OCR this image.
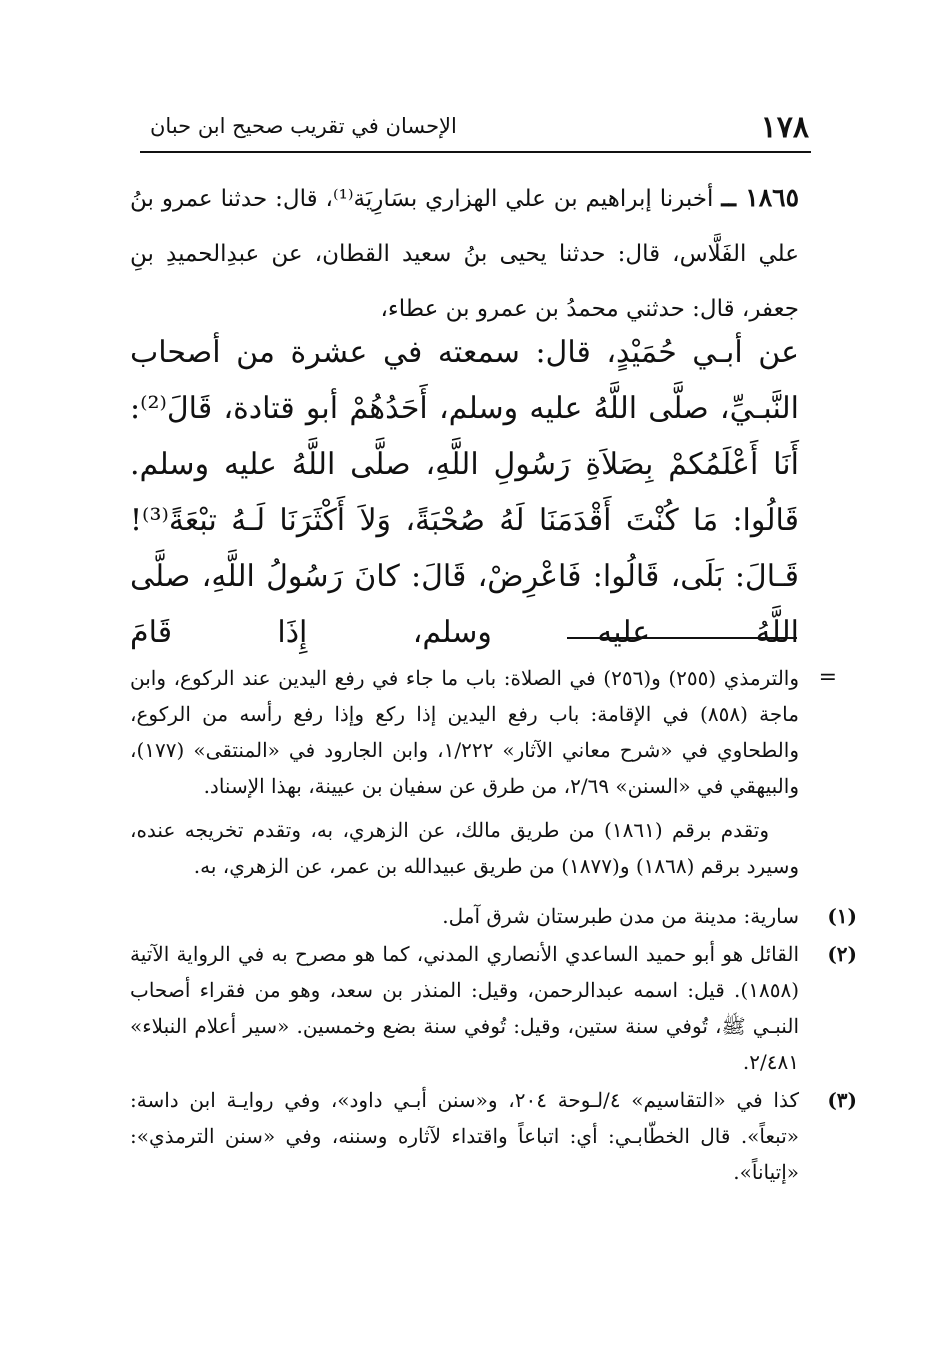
١٧٨
الإحسان في تقريب صحيح ابن حبان
١٨٦٥ ــ أخبرنا إبراهيم بن علي الهزاري بسَارِيَة⁽¹⁾، قال: حدثنا عمرو بنُ علي الفَلَّاس، قال: حدثنا يحيى بنُ سعيد القطان، عن عبدِالحميدِ بنِ جعفر، قال: حدثني محمدُ بن عمرو بن عطاء،
عن أبـي حُمَيْدٍ، قال: سمعته في عشرة من أصحاب النَّبـيِّ، صلَّى اللَّهُ عليه وسلم، أَحَدُهُمْ أبو قتادة، قَالَ⁽²⁾: أَنَا أَعْلَمُكمْ بِصَلاَةِ رَسُولِ اللَّهِ، صلَّى اللَّهُ عليه وسلم. قَالُوا: مَا كُنْتَ أَقْدَمَنَا لَهُ صُحْبَةً، وَلاَ أَكْثَرَنَا لَـهُ تبْعَةً⁽³⁾! قَـالَ: بَلَى، قَالُوا: فَاعْرِضْ، قَالَ: كانَ رَسُولُ اللَّهِ، صلَّى اللَّهُ عليه وسلم، إِذَا قَامَ
=
والترمذي (٢٥٥) و(٢٥٦) في الصلاة: باب ما جاء في رفع اليدين عند الركوع، وابن ماجة (٨٥٨) في الإقامة: باب رفع اليدين إذا ركع وإذا رفع رأسه من الركوع، والطحاوي في «شرح معاني الآثار» ١/٢٢٢، وابن الجارود في «المنتقى» (١٧٧)، والبيهقي في «السنن» ٢/٦٩، من طرق عن سفيان بن عيينة، بهذا الإسناد.

وتقدم برقم (١٨٦١) من طريق مالك، عن الزهري، به، وتقدم تخريجه عنده، وسيرد برقم (١٨٦٨) و(١٨٧٧) من طريق عبيدالله بن عمر، عن الزهري، به.

(١)
سارية: مدينة من مدن طبرستان شرق آمل.
(٢)
القائل هو أبو حميد الساعدي الأنصاري المدني، كما هو مصرح به في الرواية الآتية (١٨٥٨). قيل: اسمه عبدالرحمن، وقيل: المنذر بن سعد، وهو من فقراء أصحاب النبـي ﷺ، تُوفي سنة ستين، وقيل: تُوفي سنة بضع وخمسين. «سير أعلام النبلاء» ٢/٤٨١.
(٣)
كذا في «التقاسيم» ٤/لـوحة ٢٠٤، و«سنن أبـي داود»، وفي روايـة ابن داسة: «تبعاً». قال الخطّابـي: أي: اتباعاً واقتداء لآثاره وسننه، وفي «سنن الترمذي»: «إتياناً».
